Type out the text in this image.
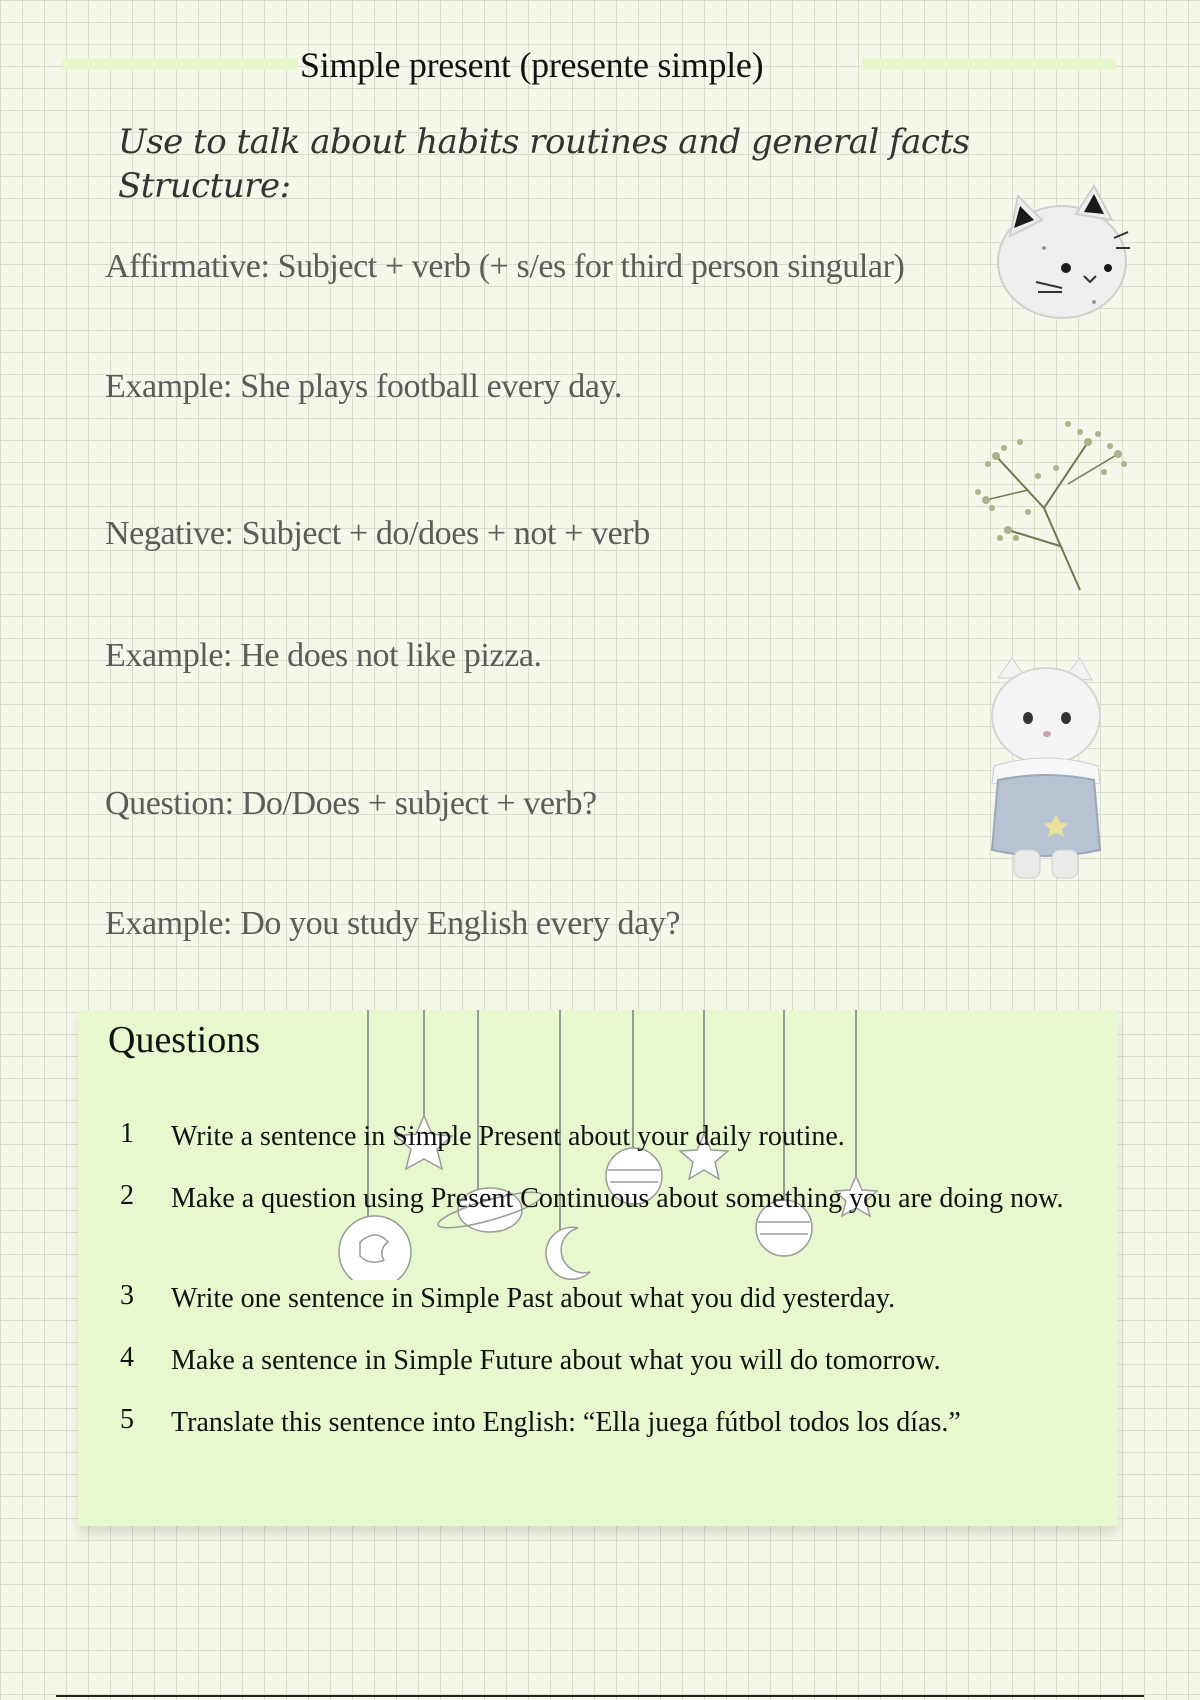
Simple present (presente simple)
Use to talk about habits routines and general facts
Structure:
Affirmative: Subject + verb (+ s/es for third person singular)
Example: She plays football every day.
Negative: Subject + do/does + not + verb
Example: He does not like pizza.
Question: Do/Does + subject + verb?
Example: Do you study English every day?
Questions
1	Write a sentence in Simple Present about your daily routine.
2	Make a question using Present Continuous about something you are doing now.
3	Write one sentence in Simple Past about what you did yesterday.
4	Make a sentence in Simple Future about what you will do tomorrow.
5	Translate this sentence into English: “Ella juega fútbol todos los días.”
